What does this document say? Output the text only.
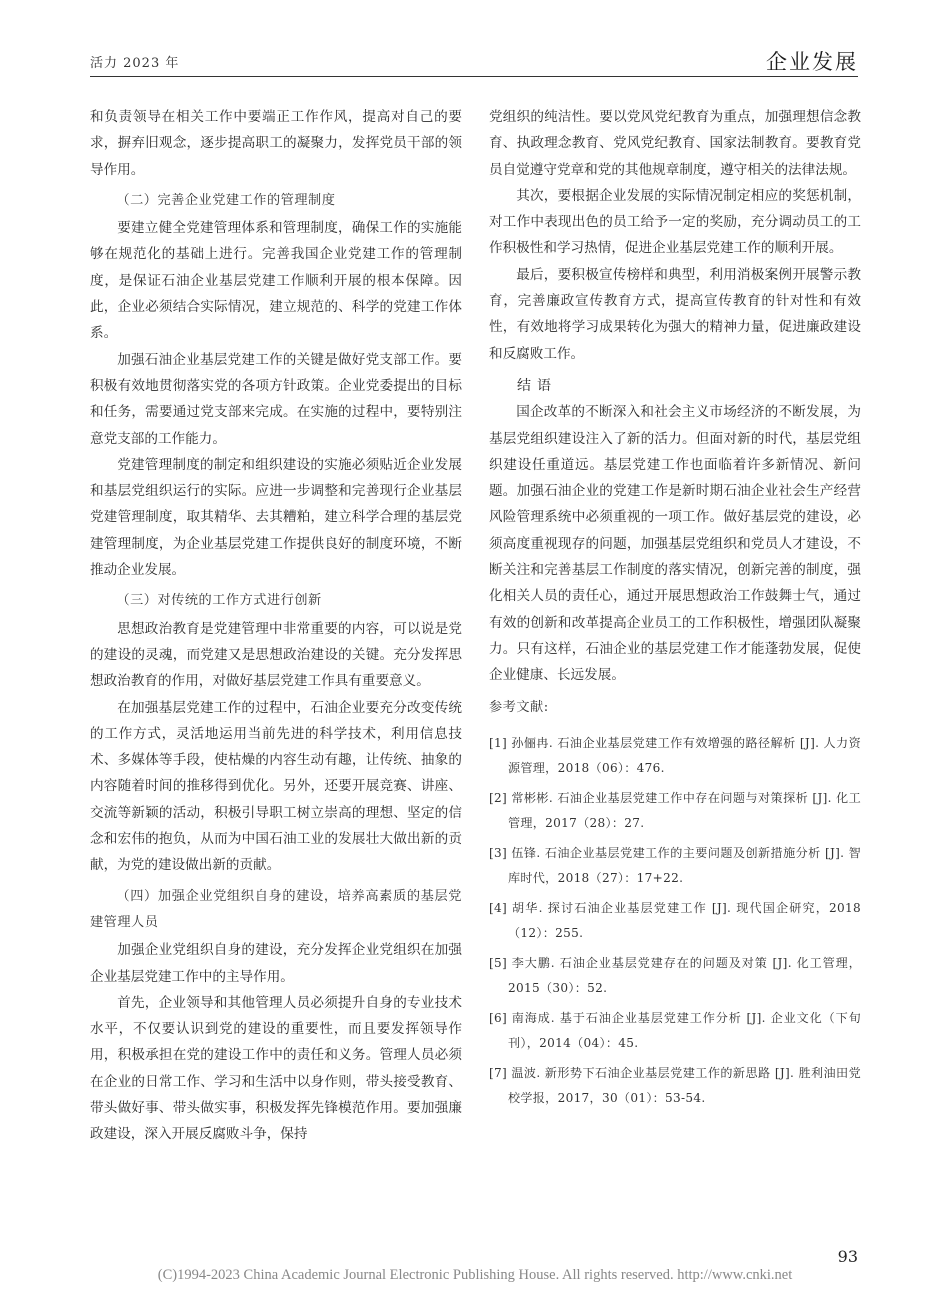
活力 2023 年	企业发展

和负责领导在相关工作中要端正工作作风，提高对自己的要求，摒弃旧观念，逐步提高职工的凝聚力，发挥党员干部的领导作用。

（二）完善企业党建工作的管理制度

要建立健全党建管理体系和管理制度，确保工作的实施能够在规范化的基础上进行。完善我国企业党建工作的管理制度，是保证石油企业基层党建工作顺利开展的根本保障。因此，企业必须结合实际情况，建立规范的、科学的党建工作体系。

加强石油企业基层党建工作的关键是做好党支部工作。要积极有效地贯彻落实党的各项方针政策。企业党委提出的目标和任务，需要通过党支部来完成。在实施的过程中，要特别注意党支部的工作能力。

党建管理制度的制定和组织建设的实施必须贴近企业发展和基层党组织运行的实际。应进一步调整和完善现行企业基层党建管理制度，取其精华、去其糟粕，建立科学合理的基层党建管理制度，为企业基层党建工作提供良好的制度环境，不断推动企业发展。

（三）对传统的工作方式进行创新

思想政治教育是党建管理中非常重要的内容，可以说是党的建设的灵魂，而党建又是思想政治建设的关键。充分发挥思想政治教育的作用，对做好基层党建工作具有重要意义。

在加强基层党建工作的过程中，石油企业要充分改变传统的工作方式，灵活地运用当前先进的科学技术，利用信息技术、多媒体等手段，使枯燥的内容生动有趣，让传统、抽象的内容随着时间的推移得到优化。另外，还要开展竞赛、讲座、交流等新颖的活动，积极引导职工树立崇高的理想、坚定的信念和宏伟的抱负，从而为中国石油工业的发展壮大做出新的贡献，为党的建设做出新的贡献。

（四）加强企业党组织自身的建设，培养高素质的基层党建管理人员

加强企业党组织自身的建设，充分发挥企业党组织在加强企业基层党建工作中的主导作用。

首先，企业领导和其他管理人员必须提升自身的专业技术水平，不仅要认识到党的建设的重要性，而且要发挥领导作用，积极承担在党的建设工作中的责任和义务。管理人员必须在企业的日常工作、学习和生活中以身作则，带头接受教育、带头做好事、带头做实事，积极发挥先锋模范作用。要加强廉政建设，深入开展反腐败斗争，保持

党组织的纯洁性。要以党风党纪教育为重点，加强理想信念教育、执政理念教育、党风党纪教育、国家法制教育。要教育党员自觉遵守党章和党的其他规章制度，遵守相关的法律法规。

其次，要根据企业发展的实际情况制定相应的奖惩机制，对工作中表现出色的员工给予一定的奖励，充分调动员工的工作积极性和学习热情，促进企业基层党建工作的顺利开展。

最后，要积极宣传榜样和典型，利用消极案例开展警示教育，完善廉政宣传教育方式，提高宣传教育的针对性和有效性，有效地将学习成果转化为强大的精神力量，促进廉政建设和反腐败工作。

结语

国企改革的不断深入和社会主义市场经济的不断发展，为基层党组织建设注入了新的活力。但面对新的时代，基层党组织建设任重道远。基层党建工作也面临着许多新情况、新问题。加强石油企业的党建工作是新时期石油企业社会生产经营风险管理系统中必须重视的一项工作。做好基层党的建设，必须高度重视现存的问题，加强基层党组织和党员人才建设，不断关注和完善基层工作制度的落实情况，创新完善的制度，强化相关人员的责任心，通过开展思想政治工作鼓舞士气，通过有效的创新和改革提高企业员工的工作积极性，增强团队凝聚力。只有这样，石油企业的基层党建工作才能蓬勃发展，促使企业健康、长远发展。

参考文献:
[1] 孙俪冉. 石油企业基层党建工作有效增强的路径解析 [J]. 人力资源管理，2018（06）：476.
[2] 常彬彬. 石油企业基层党建工作中存在问题与对策探析 [J]. 化工管理，2017（28）：27.
[3] 伍锋. 石油企业基层党建工作的主要问题及创新措施分析 [J]. 智库时代，2018（27）：17+22.
[4] 胡华. 探讨石油企业基层党建工作 [J]. 现代国企研究，2018（12）：255.
[5] 李大鹏. 石油企业基层党建存在的问题及对策 [J]. 化工管理，2015（30）：52.
[6] 南海成. 基于石油企业基层党建工作分析 [J]. 企业文化（下旬刊），2014（04）：45.
[7] 温波. 新形势下石油企业基层党建工作的新思路 [J]. 胜利油田党校学报，2017，30（01）：53-54.
93
(C)1994-2023 China Academic Journal Electronic Publishing House. All rights reserved. http://www.cnki.net
